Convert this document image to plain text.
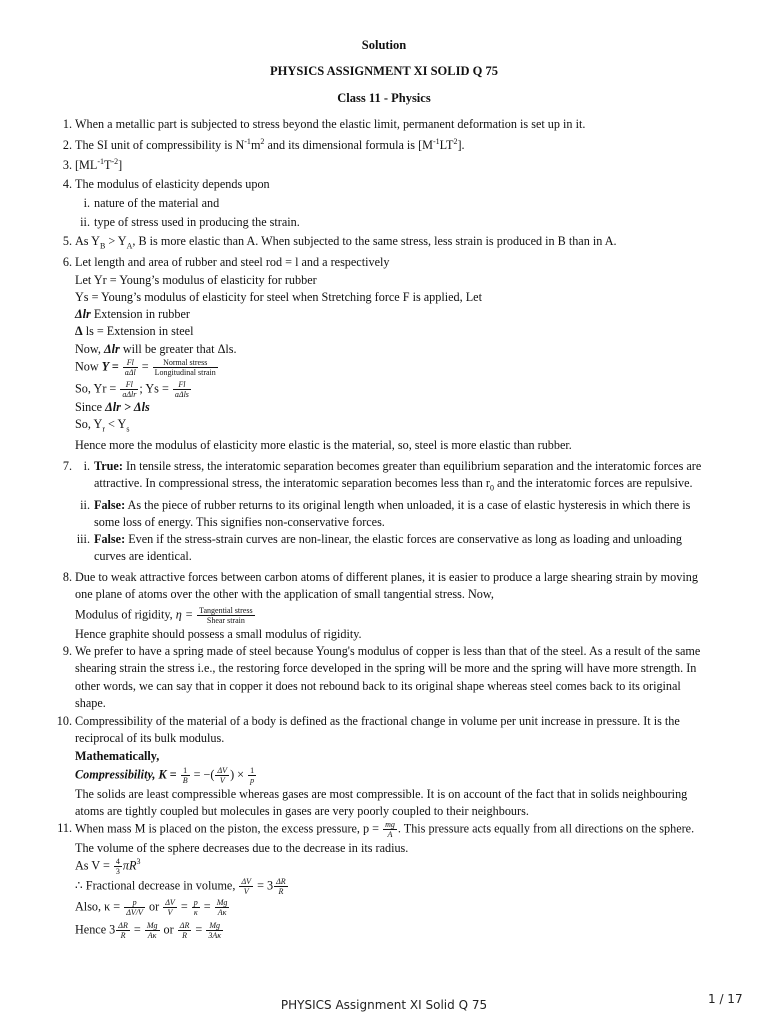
Solution
PHYSICS ASSIGNMENT XI SOLID Q 75
Class 11 - Physics
1. When a metallic part is subjected to stress beyond the elastic limit, permanent deformation is set up in it.
2. The SI unit of compressibility is $N^{-1}m^2$ and its dimensional formula is $[M^{-1}LT^2]$.
3. $[ML^{-1}T^{-2}]$
4. The modulus of elasticity depends upon
i. nature of the material and
ii. type of stress used in producing the strain.
5. As $Y_B > Y_A$, B is more elastic than A. When subjected to the same stress, less strain is produced in B than in A.
6. Let length and area of rubber and steel rod = l and a respectively
Let Yr = Young’s modulus of elasticity for rubber
Ys = Young’s modulus of elasticity for steel when Stretching force F is applied, Let
Δlr Extension in rubber
Δ ls = Extension in steel
Now, Δlr will be greater that Δls.
Now $Y = \frac{Fl}{\text{aΔl}} = \frac{\text{Normal stress}}{\text{Longitudinal strain}}$
So, $Yr = \frac{Fl}{\text{aΔlr}}$ ; $Ys = \frac{Fl}{\text{aΔls}}$
Since Δlr > Δls
So, $Y_r < Y_s$
Hence more the modulus of elasticity more elastic is the material, so, steel is more elastic than rubber.
7. i. True: In tensile stress, the interatomic separation becomes greater than equilibrium separation and the interatomic forces are
attractive. In compressional stress, the interatomic separation becomes less than $r_0$ and the interatomic forces are repulsive.
ii. False: As the piece of rubber returns to its original length when unloaded, it is a case of elastic hysteresis in which there is
some loss of energy. This signifies non-conservative forces.
iii. False: Even if the stress-strain curves are non-linear, the elastic forces are conservative as long as loading and unloading
curves are identical.
8. Due to weak attractive forces between carbon atoms of different planes, it is easier to produce a large shearing strain by moving
one plane of atoms over the other with the application of small tangential stress. Now,
Modulus of rigidity, $\eta = \frac{\text{Tangential stress}}{\text{Shear strain}}$
Hence graphite should possess a small modulus of rigidity.
9. We prefer to have a spring made of steel because Young's modulus of copper is less than that of the steel. As a result of the same
shearing strain the stress i.e., the restoring force developed in the spring will be more and the spring will have more strength. In
other words, we can say that in copper it does not rebound back to its original shape whereas steel comes back to its original
shape.
10. Compressibility of the material of a body is defined as the fractional change in volume per unit increase in pressure. It is the
reciprocal of its bulk modulus.
Mathematically,
Compressibility, $K = \frac{1}{B}$ = −( $\frac{\Delta V}{V}$ ) × $\frac{1}{p}$
The solids are least compressible whereas gases are most compressible. It is on account of the fact that in solids neighbouring
atoms are tightly coupled but molecules in gases are very poorly coupled to their neighbours.
11. When mass M is placed on the piston, the excess pressure, $p = \frac{mg}{A}$ . This pressure acts equally from all directions on the sphere.
The volume of the sphere decreases due to the decrease in its radius.
As $V = \frac{4}{3} \pi R^3$
∴ Fractional decrease in volume, $\frac{\Delta V}{V} = 3 \frac{\Delta R}{R}$
Also, $\kappa = \frac{p}{\Delta V/V}$ or $\frac{\Delta V}{V} = \frac{p}{\kappa} = \frac{Mg}{A\kappa}$
Hence $3 \frac{\Delta R}{R} = \frac{Mg}{A\kappa}$ or $\frac{\Delta R}{R} = \frac{Mg}{3A\kappa}$
PHYSICS Assignment XI Solid Q 75	1 / 17
